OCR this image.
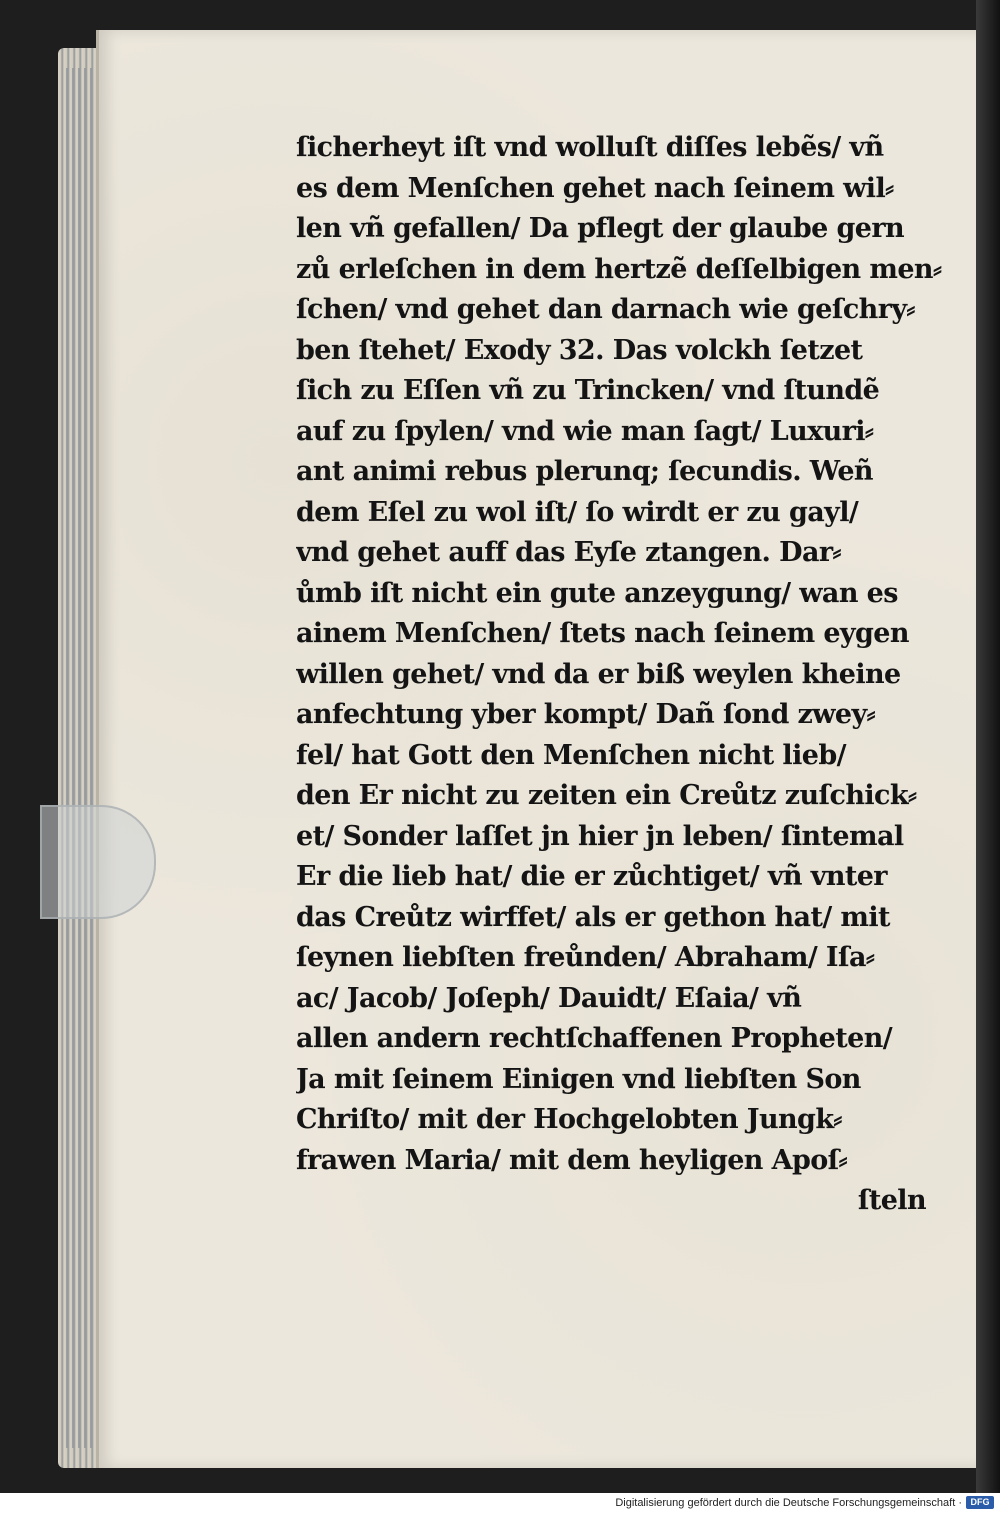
ſicherheyt iſt vnd wolluſt diſſes lebẽs/ vñ
es dem Menſchen gehet nach ſeinem wil⸗
len vñ gefallen/ Da pflegt der glaube gern
zů erleſchen in dem hertzẽ deſſelbigen men⸗
ſchen/ vnd gehet dan darnach wie geſchry⸗
ben ſtehet/ Exody 32. Das volckh ſetzet
ſich zu Eſſen vñ zu Trincken/ vnd ſtundẽ
auf zu ſpylen/ vnd wie man ſagt/ Luxuri⸗
ant animi rebus plerunq; ſecundis. Weñ
dem Eſel zu wol iſt/ ſo wirdt er zu gayl/
vnd gehet auff das Eyſe ztangen. Dar⸗
ůmb iſt nicht ein gute anzeygung/ wan es
ainem Menſchen/ ſtets nach ſeinem eygen
willen gehet/ vnd da er biß weylen kheine
anfechtung yber kompt/ Dañ ſond zwey⸗
fel/ hat Gott den Menſchen nicht lieb/
den Er nicht zu zeiten ein Creůtz zuſchick⸗
et/ Sonder laſſet jn hier jn leben/ ſintemal
Er die lieb hat/ die er zůchtiget/ vñ vnter
das Creůtz wirffet/ als er gethon hat/ mit
ſeynen liebſten freůnden/ Abraham/ Iſa⸗
ac/ Jacob/ Joſeph/ Dauidt/ Eſaia/ vñ
allen andern rechtſchaffenen Propheten/
Ja mit ſeinem Einigen vnd liebſten Son
Chriſto/ mit der Hochgelobten Jungk⸗
frawen Maria/ mit dem heyligen Apoſ⸗
ſteln
Digitalisierung gefördert durch die Deutsche Forschungsgemeinschaft · DFG
